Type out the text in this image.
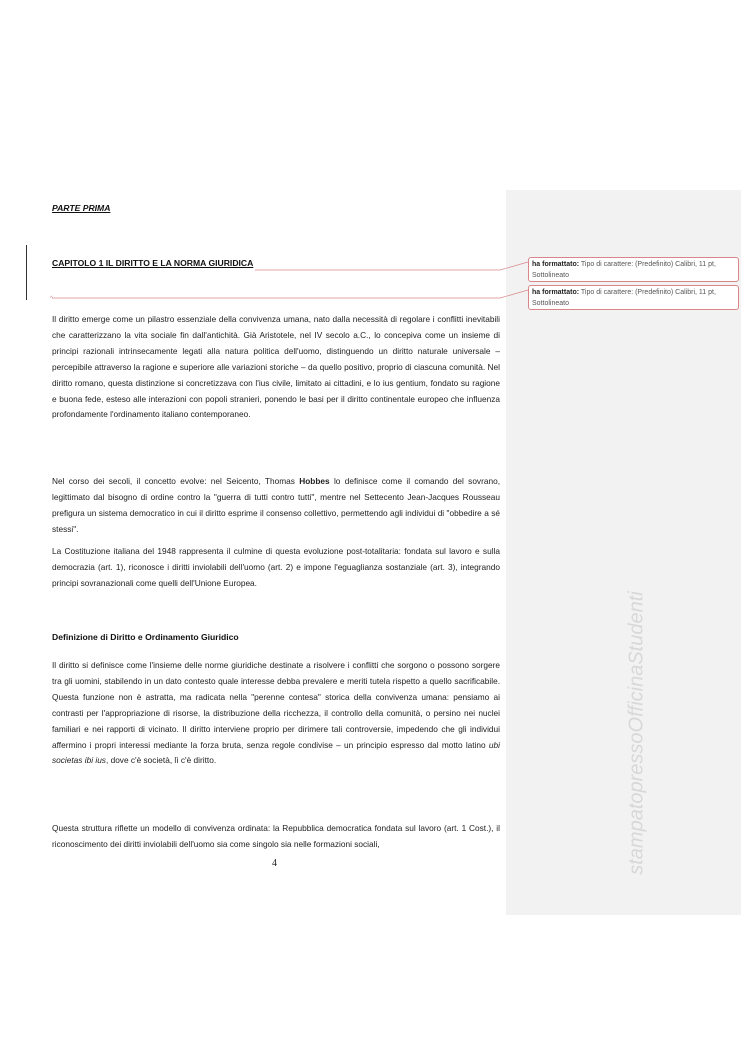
stampatopressoOfficinaStudenti
PARTE PRIMA
CAPITOLO 1 IL DIRITTO E LA NORMA GIURIDICA
^
ha formattato: Tipo di carattere: (Predefinito) Calibri, 11 pt, Sottolineato
ha formattato: Tipo di carattere: (Predefinito) Calibri, 11 pt, Sottolineato

Il diritto emerge come un pilastro essenziale della convivenza umana, nato dalla necessità di regolare i conflitti inevitabili che caratterizzano la vita sociale fin dall'antichità. Già Aristotele, nel IV secolo a.C., lo concepiva come un insieme di principi razionali intrinsecamente legati alla natura politica dell'uomo, distinguendo un diritto naturale universale – percepibile attraverso la ragione e superiore alle variazioni storiche – da quello positivo, proprio di ciascuna comunità. Nel diritto romano, questa distinzione si concretizzava con l'ius civile, limitato ai cittadini, e lo ius gentium, fondato su ragione e buona fede, esteso alle interazioni con popoli stranieri, ponendo le basi per il diritto continentale europeo che influenza profondamente l'ordinamento italiano contemporaneo.

Nel corso dei secoli, il concetto evolve: nel Seicento, Thomas Hobbes lo definisce come il comando del sovrano, legittimato dal bisogno di ordine contro la "guerra di tutti contro tutti", mentre nel Settecento Jean-Jacques Rousseau prefigura un sistema democratico in cui il diritto esprime il consenso collettivo, permettendo agli individui di "obbedire a sé stessi".

La Costituzione italiana del 1948 rappresenta il culmine di questa evoluzione post-totalitaria: fondata sul lavoro e sulla democrazia (art. 1), riconosce i diritti inviolabili dell'uomo (art. 2) e impone l'eguaglianza sostanziale (art. 3), integrando principi sovranazionali come quelli dell'Unione Europea.

Definizione di Diritto e Ordinamento Giuridico

Il diritto si definisce come l'insieme delle norme giuridiche destinate a risolvere i conflitti che sorgono o possono sorgere tra gli uomini, stabilendo in un dato contesto quale interesse debba prevalere e meriti tutela rispetto a quello sacrificabile. Questa funzione non è astratta, ma radicata nella "perenne contesa" storica della convivenza umana: pensiamo ai contrasti per l'appropriazione di risorse, la distribuzione della ricchezza, il controllo della comunità, o persino nei nuclei familiari e nei rapporti di vicinato. Il diritto interviene proprio per dirimere tali controversie, impedendo che gli individui affermino i propri interessi mediante la forza bruta, senza regole condivise – un principio espresso dal motto latino ubi societas ibi ius, dove c'è società, lì c'è diritto.

Questa struttura riflette un modello di convivenza ordinata: la Repubblica democratica fondata sul lavoro (art. 1 Cost.), il riconoscimento dei diritti inviolabili dell'uomo sia come singolo sia nelle formazioni sociali,

4
